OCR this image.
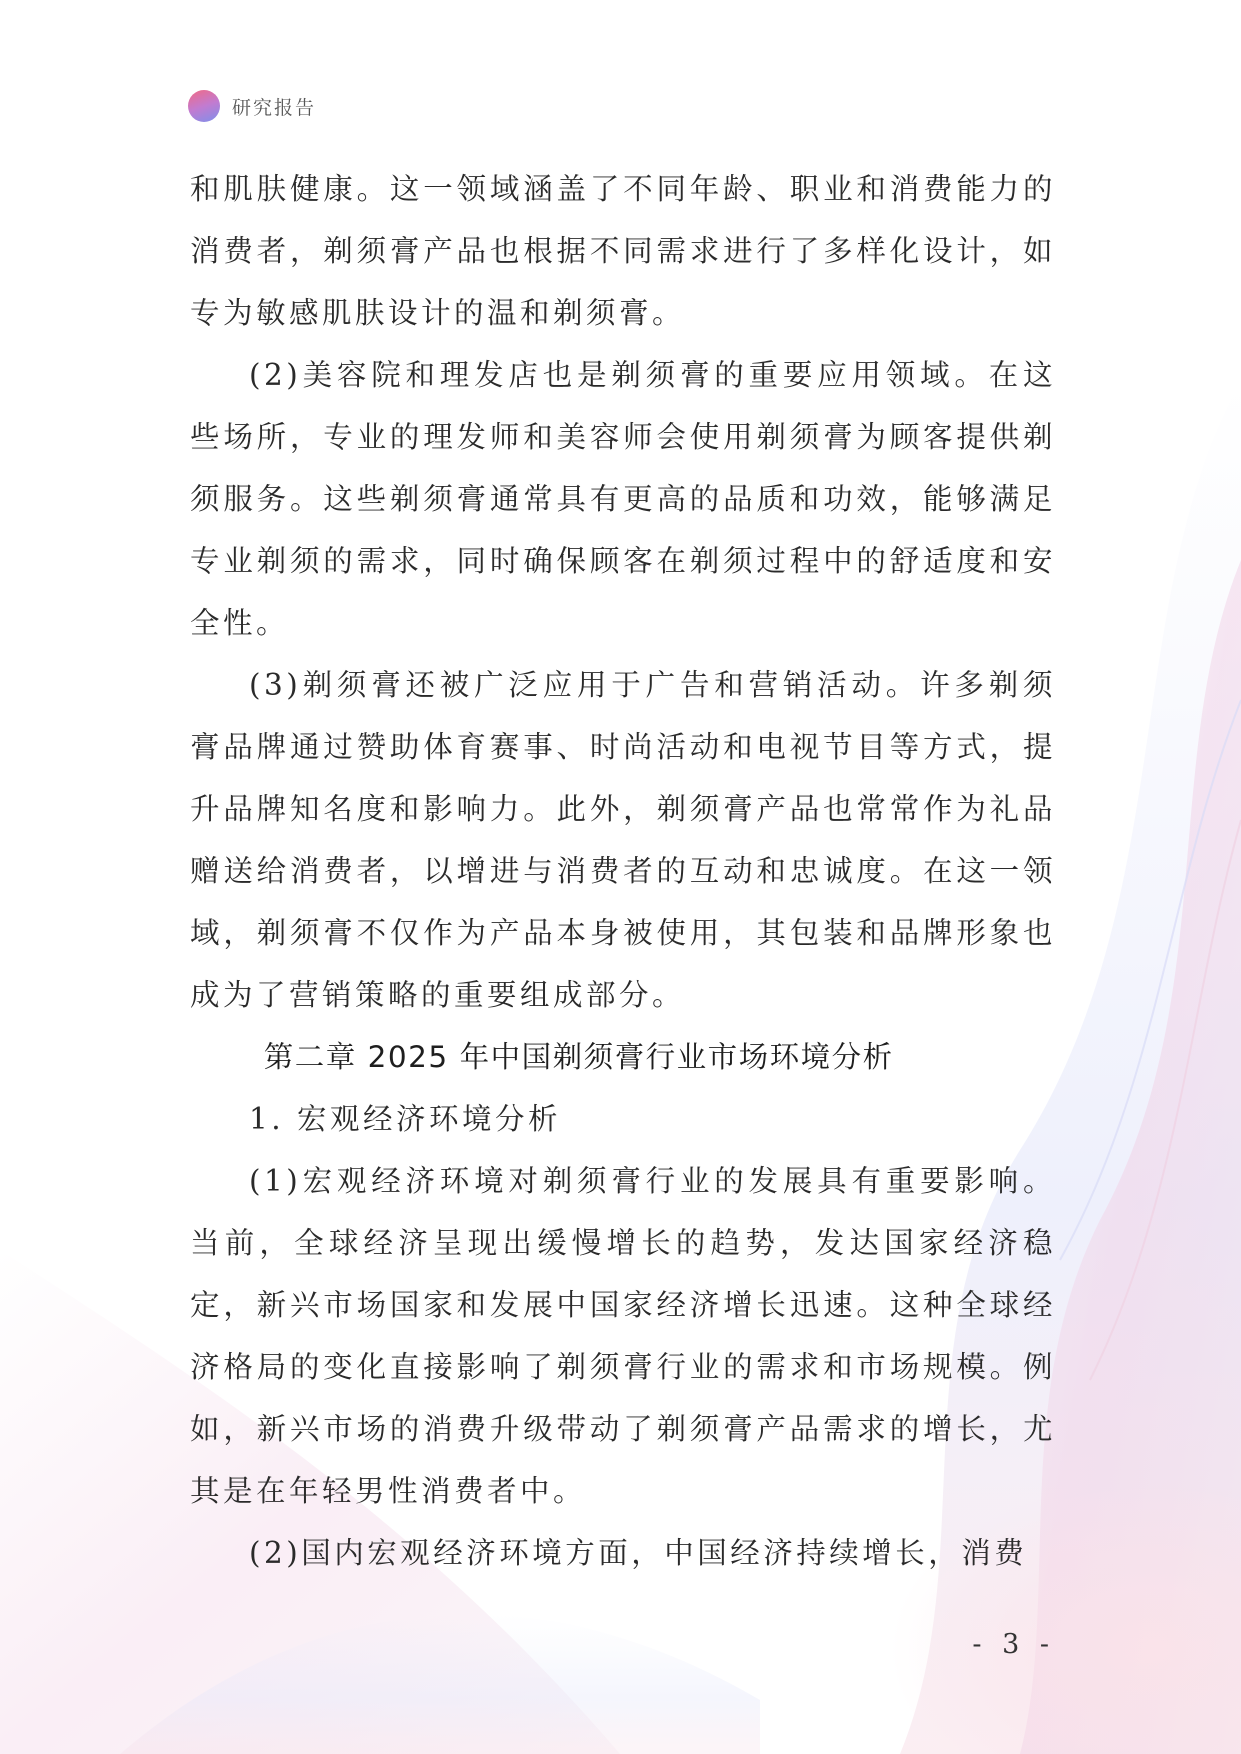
研究报告

和肌肤健康。这一领域涵盖了不同年龄、职业和消费能力的消费者，剃须膏产品也根据不同需求进行了多样化设计，如专为敏感肌肤设计的温和剃须膏。

(2)美容院和理发店也是剃须膏的重要应用领域。在这些场所，专业的理发师和美容师会使用剃须膏为顾客提供剃须服务。这些剃须膏通常具有更高的品质和功效，能够满足专业剃须的需求，同时确保顾客在剃须过程中的舒适度和安全性。

(3)剃须膏还被广泛应用于广告和营销活动。许多剃须膏品牌通过赞助体育赛事、时尚活动和电视节目等方式，提升品牌知名度和影响力。此外，剃须膏产品也常常作为礼品赠送给消费者，以增进与消费者的互动和忠诚度。在这一领域，剃须膏不仅作为产品本身被使用，其包装和品牌形象也成为了营销策略的重要组成部分。

第二章 2025 年中国剃须膏行业市场环境分析
1. 宏观经济环境分析

(1)宏观经济环境对剃须膏行业的发展具有重要影响。当前，全球经济呈现出缓慢增长的趋势，发达国家经济稳定，新兴市场国家和发展中国家经济增长迅速。这种全球经济格局的变化直接影响了剃须膏行业的需求和市场规模。例如，新兴市场的消费升级带动了剃须膏产品需求的增长，尤其是在年轻男性消费者中。

(2)国内宏观经济环境方面，中国经济持续增长，消费

- 3 -
